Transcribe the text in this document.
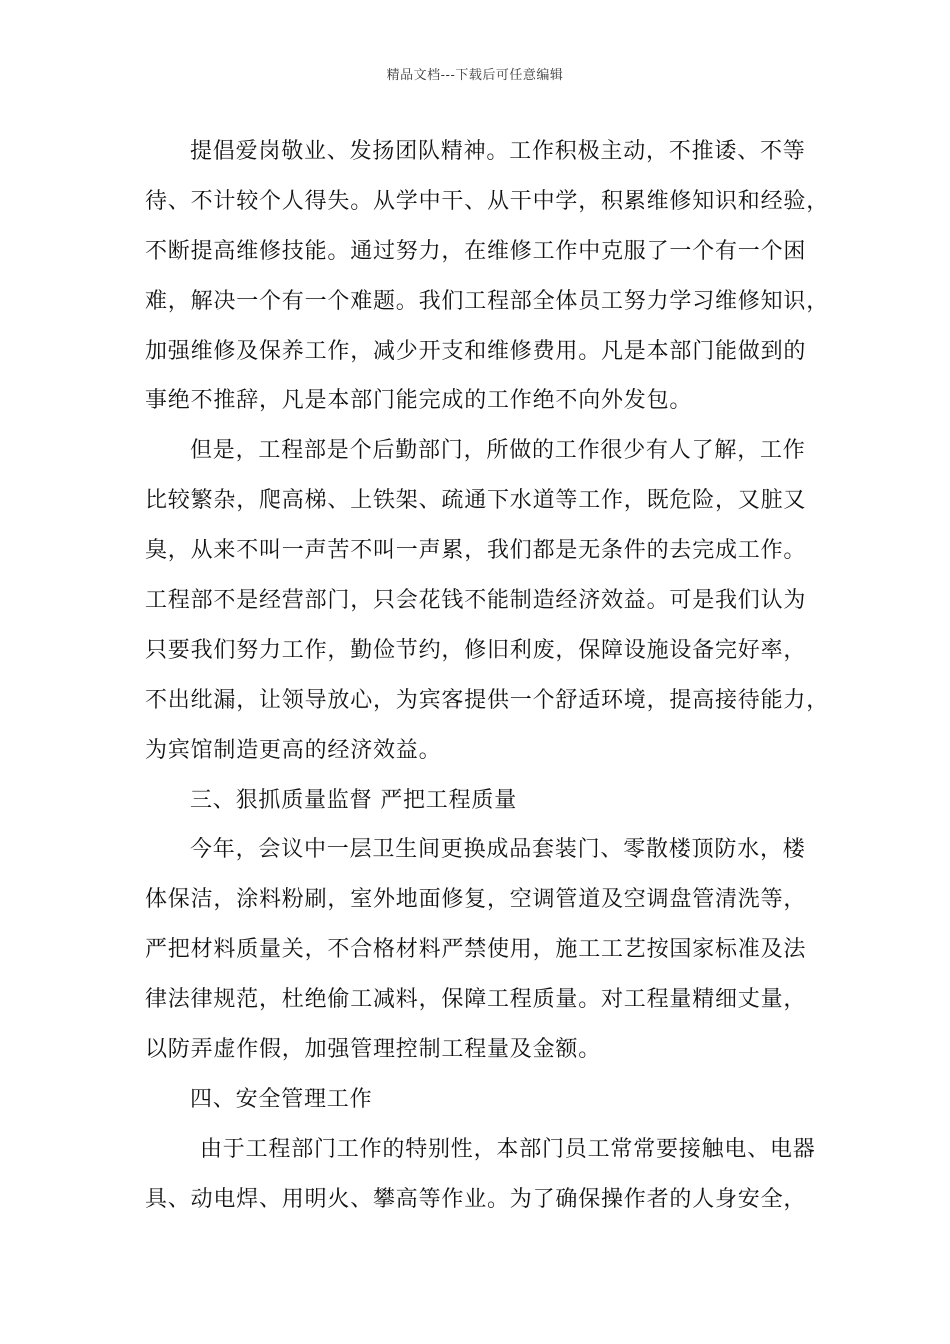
精品文档---下载后可任意编辑
提倡爱岗敬业、发扬团队精神。工作积极主动，不推诿、不等
待、不计较个人得失。从学中干、从干中学，积累维修知识和经验，
不断提高维修技能。通过努力，在维修工作中克服了一个有一个困
难，解决一个有一个难题。我们工程部全体员工努力学习维修知识，
加强维修及保养工作，减少开支和维修费用。凡是本部门能做到的
事绝不推辞，凡是本部门能完成的工作绝不向外发包。
但是，工程部是个后勤部门，所做的工作很少有人了解，工作
比较繁杂，爬高梯、上铁架、疏通下水道等工作，既危险，又脏又
臭，从来不叫一声苦不叫一声累，我们都是无条件的去完成工作。
工程部不是经营部门，只会花钱不能制造经济效益。可是我们认为
只要我们努力工作，勤俭节约，修旧利废，保障设施设备完好率，
不出纰漏，让领导放心，为宾客提供一个舒适环境，提高接待能力，
为宾馆制造更高的经济效益。
三、狠抓质量监督 严把工程质量
今年，会议中一层卫生间更换成品套装门、零散楼顶防水，楼
体保洁，涂料粉刷，室外地面修复，空调管道及空调盘管清洗等，
严把材料质量关，不合格材料严禁使用，施工工艺按国家标准及法
律法律规范，杜绝偷工减料，保障工程质量。对工程量精细丈量，
以防弄虚作假，加强管理控制工程量及金额。
四、安全管理工作
由于工程部门工作的特别性，本部门员工常常要接触电、电器
具、动电焊、用明火、攀高等作业。为了确保操作者的人身安全，
